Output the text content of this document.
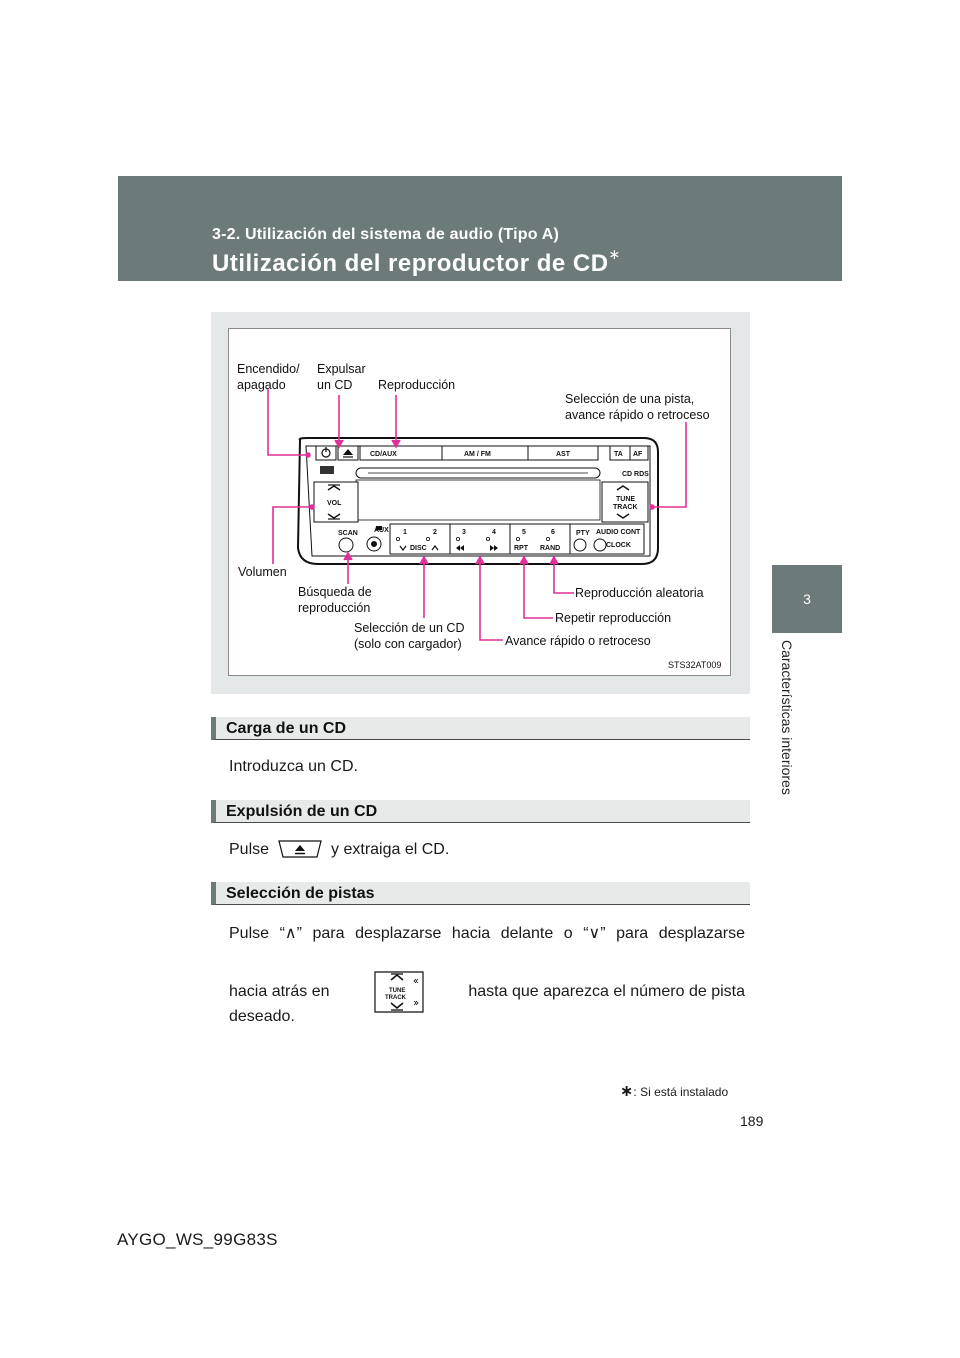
3-2. Utilización del sistema de audio (Tipo A)
Utilización del reproductor de CD∗
3
Características interiores
CD/AUX	AM / FM	AST	TA AF
CD RDS
VOL
TUNE
TRACK
AUX
SCAN	1	2	3	4	5	6
DISC	RPT RAND
PTY AUDIO CONT
CLOCK
Encendido/
apagado
Expulsar
un CD Reproducción
Selección de una pista,
avance rápido o retroceso
Volumen
Búsqueda de
reproducción
Selección de un CD
(solo con cargador)
Reproducción aleatoria
Repetir reproducción
Avance rápido o retroceso
STS32AT009
Carga de un CD
Introduzca un CD.
Expulsión de un CD
Pulse	y extraiga el CD.
Selección de pistas
Pulse “∧” para desplazarse hacia delante o “∨” para desplazarse
hacia atrás en	TUNE
TRACK	hasta que aparezca el número de pista
deseado.
∗: Si está instalado
189
AYGO_WS_99G83S
